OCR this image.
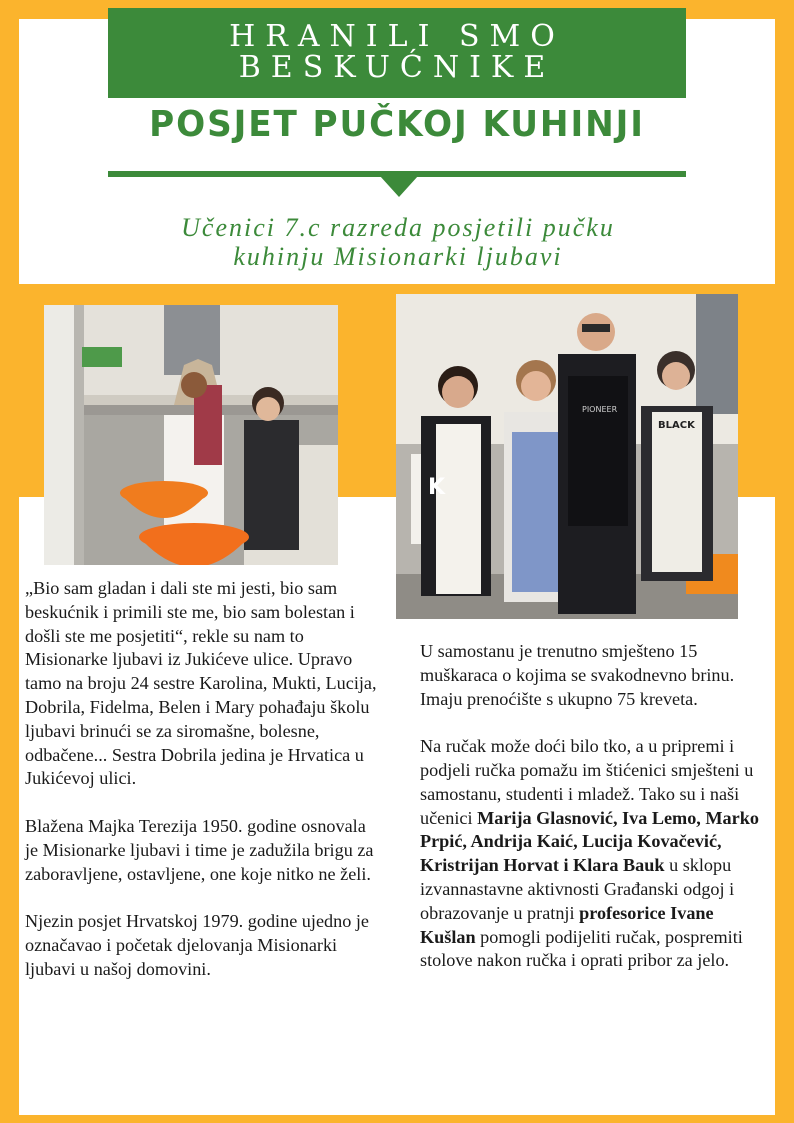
HRANILI SMO
BESKUĆNIKE
POSJET PUČKOJ KUHINJI
Učenici 7.c razreda posjetili pučku
kuhinju Misionarki ljubavi
K
PIONEER
BLACK

„Bio sam gladan i dali ste mi jesti, bio sam beskućnik i primili ste me, bio sam bolestan i došli ste me posjetiti“, rekle su nam to Misionarke ljubavi iz Jukićeve ulice. Upravo tamo na broju 24 sestre Karolina, Mukti, Lucija, Dobrila, Fidelma, Belen i Mary pohađaju školu ljubavi brinući se za siromašne, bolesne, odbačene... Sestra Dobrila jedina je Hrvatica u Jukićevoj ulici.

Blažena Majka Terezija 1950. godine osnovala je Misionarke ljubavi i time je zadužila brigu za zaboravljene, ostavljene, one koje nitko ne želi.

Njezin posjet Hrvatskoj 1979. godine ujedno je označavao i početak djelovanja Misionarki ljubavi u našoj domovini.

U samostanu je trenutno smješteno 15 muškaraca o kojima se svakodnevno brinu. Imaju prenoćište s ukupno 75 kreveta.

Na ručak može doći bilo tko, a u pripremi i podjeli ručka pomažu im štićenici smješteni u samostanu, studenti i mladež. Tako su i naši učenici Marija Glasnović, Iva Lemo, Marko Prpić, Andrija Kaić, Lucija Kovačević, Kristrijan Horvat i Klara Bauk u sklopu izvannastavne aktivnosti Građanski odgoj i obrazovanje u pratnji profesorice Ivane Kušlan pomogli podijeliti ručak, pospremiti stolove nakon ručka i oprati pribor za jelo.
